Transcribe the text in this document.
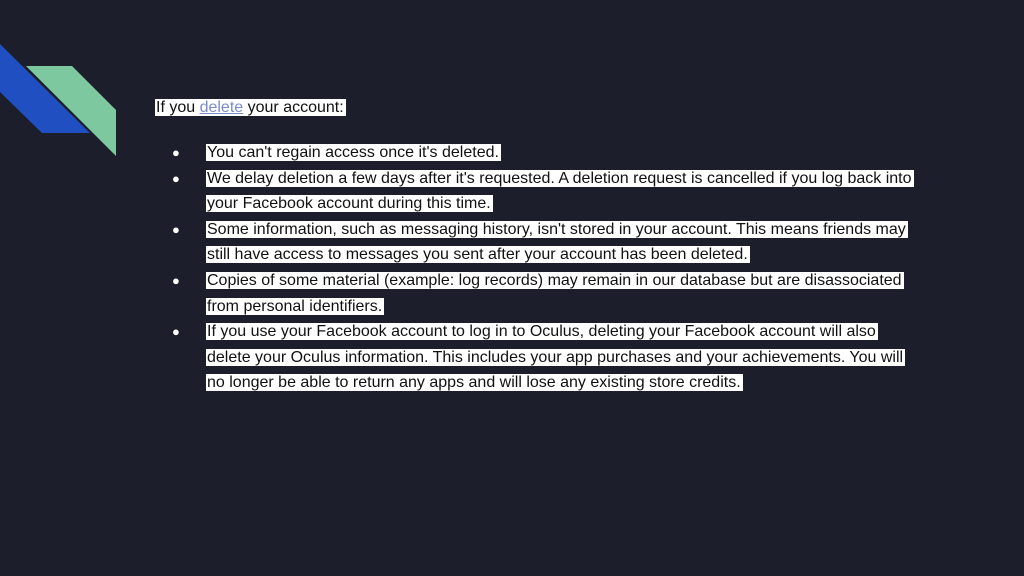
If you delete your account:

● You can't regain access once it's deleted.
● We delay deletion a few days after it's requested. A deletion request is cancelled if you log back into your Facebook account during this time.
● Some information, such as messaging history, isn't stored in your account. This means friends may still have access to messages you sent after your account has been deleted.
● Copies of some material (example: log records) may remain in our database but are disassociated from personal identifiers.
● If you use your Facebook account to log in to Oculus, deleting your Facebook account will also delete your Oculus information. This includes your app purchases and your achievements. You will no longer be able to return any apps and will lose any existing store credits.
